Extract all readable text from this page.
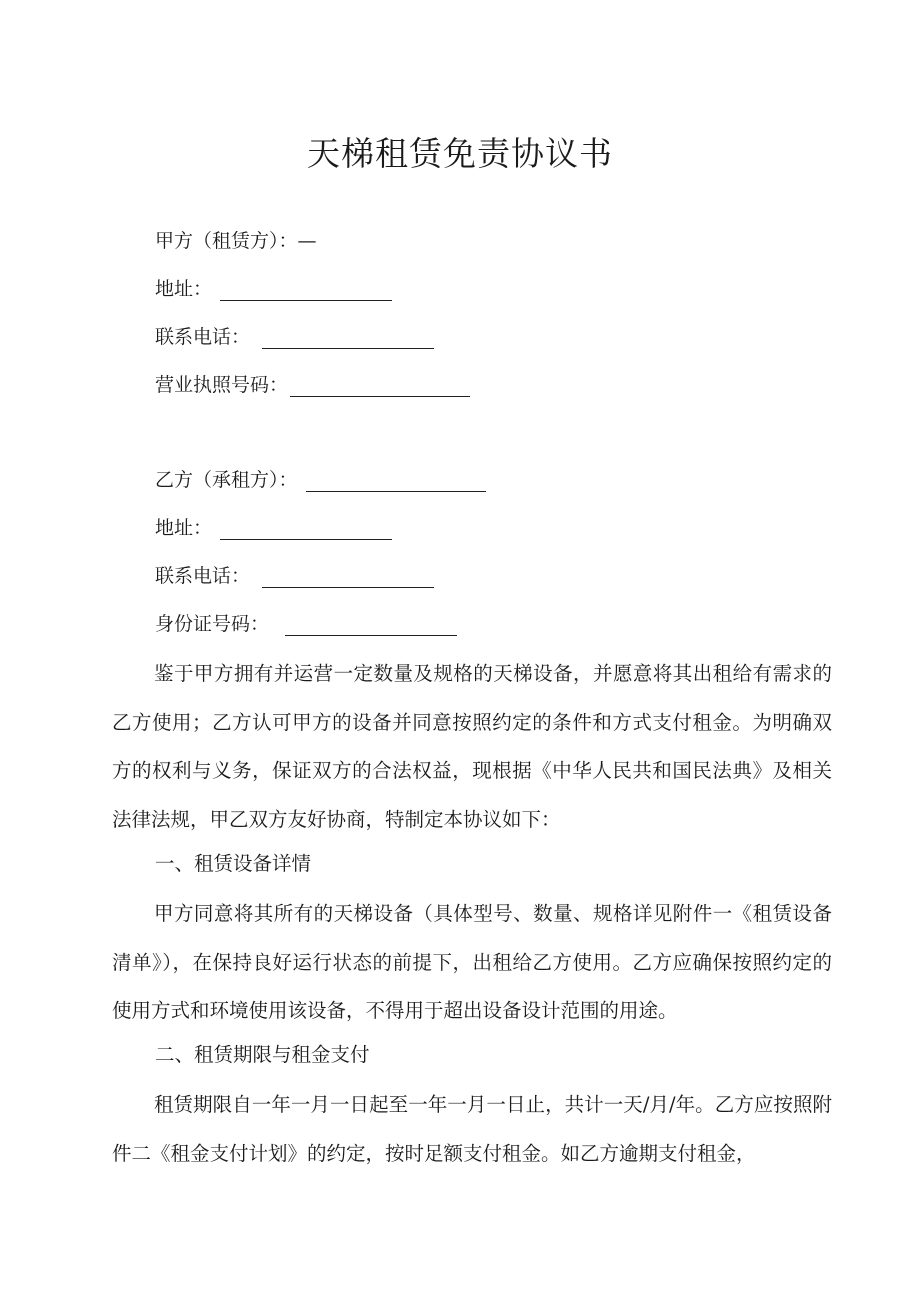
天梯租赁免责协议书
甲方（租赁方）：—
地址：
联系电话：
营业执照号码：
乙方（承租方）：
地址：
联系电话：
身份证号码：

鉴于甲方拥有并运营一定数量及规格的天梯设备，并愿意将其出租给有需求的乙方使用；乙方认可甲方的设备并同意按照约定的条件和方式支付租金。为明确双方的权利与义务，保证双方的合法权益，现根据《中华人民共和国民法典》及相关法律法规，甲乙双方友好协商，特制定本协议如下：

一、租赁设备详情

甲方同意将其所有的天梯设备（具体型号、数量、规格详见附件一《租赁设备清单》），在保持良好运行状态的前提下，出租给乙方使用。乙方应确保按照约定的使用方式和环境使用该设备，不得用于超出设备设计范围的用途。

二、租赁期限与租金支付

租赁期限自一年一月一日起至一年一月一日止，共计一天/月/年。乙方应按照附件二《租金支付计划》的约定，按时足额支付租金。如乙方逾期支付租金，
